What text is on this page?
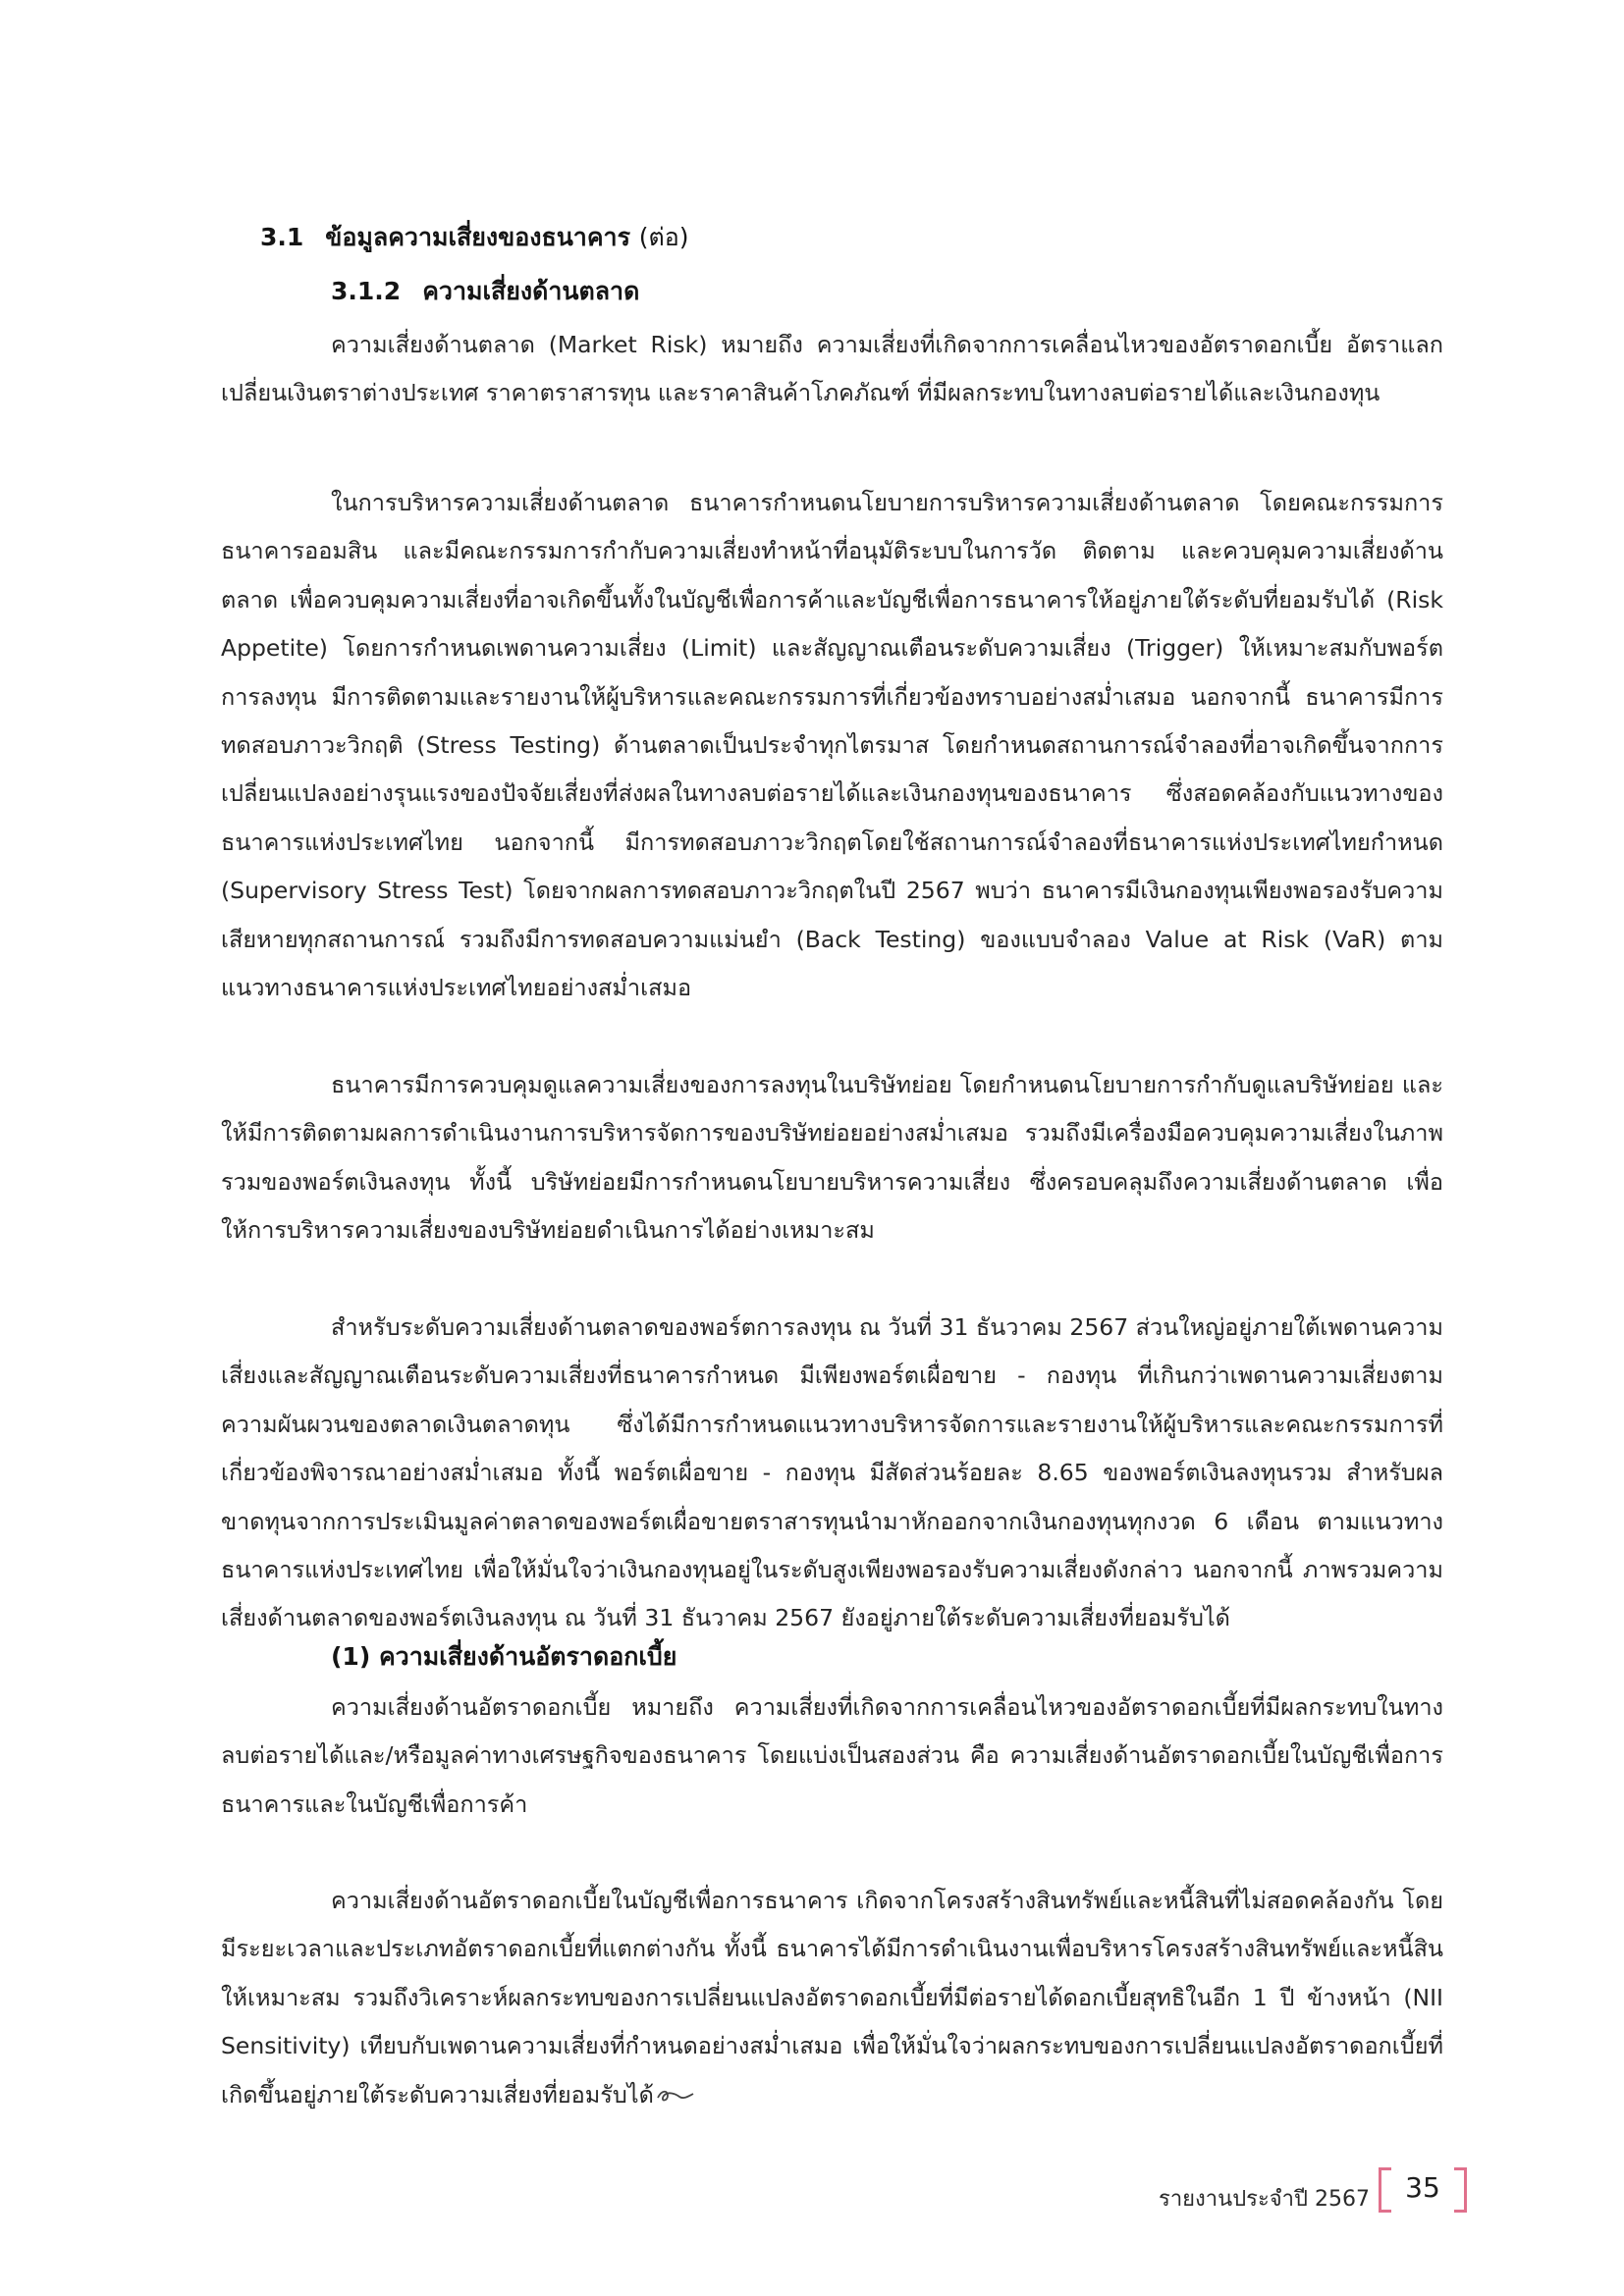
3.1 ข้อมูลความเสี่ยงของธนาคาร (ต่อ)
3.1.2 ความเสี่ยงด้านตลาด

ความเสี่ยงด้านตลาด (Market Risk) หมายถึง ความเสี่ยงที่เกิดจากการเคลื่อนไหวของอัตราดอกเบี้ย อัตราแลกเปลี่ยนเงินตราต่างประเทศ ราคาตราสารทุน และราคาสินค้าโภคภัณฑ์ ที่มีผลกระทบในทางลบต่อรายได้และเงินกองทุน

ในการบริหารความเสี่ยงด้านตลาด ธนาคารกำหนดนโยบายการบริหารความเสี่ยงด้านตลาด โดยคณะกรรมการธนาคารออมสิน และมีคณะกรรมการกำกับความเสี่ยงทำหน้าที่อนุมัติระบบในการวัด ติดตาม และควบคุมความเสี่ยงด้านตลาด เพื่อควบคุมความเสี่ยงที่อาจเกิดขึ้นทั้งในบัญชีเพื่อการค้าและบัญชีเพื่อการธนาคารให้อยู่ภายใต้ระดับที่ยอมรับได้ (Risk Appetite) โดยการกำหนดเพดานความเสี่ยง (Limit) และสัญญาณเตือนระดับความเสี่ยง (Trigger) ให้เหมาะสมกับพอร์ตการลงทุน มีการติดตามและรายงานให้ผู้บริหารและคณะกรรมการที่เกี่ยวข้องทราบอย่างสม่ำเสมอ นอกจากนี้ ธนาคารมีการทดสอบภาวะวิกฤติ (Stress Testing) ด้านตลาดเป็นประจำทุกไตรมาส โดยกำหนดสถานการณ์จำลองที่อาจเกิดขึ้นจากการเปลี่ยนแปลงอย่างรุนแรงของปัจจัยเสี่ยงที่ส่งผลในทางลบต่อรายได้และเงินกองทุนของธนาคาร ซึ่งสอดคล้องกับแนวทางของธนาคารแห่งประเทศไทย นอกจากนี้ มีการทดสอบภาวะวิกฤตโดยใช้สถานการณ์จำลองที่ธนาคารแห่งประเทศไทยกำหนด (Supervisory Stress Test) โดยจากผลการทดสอบภาวะวิกฤตในปี 2567 พบว่า ธนาคารมีเงินกองทุนเพียงพอรองรับความเสียหายทุกสถานการณ์ รวมถึงมีการทดสอบความแม่นยำ (Back Testing) ของแบบจำลอง Value at Risk (VaR) ตามแนวทางธนาคารแห่งประเทศไทยอย่างสม่ำเสมอ

ธนาคารมีการควบคุมดูแลความเสี่ยงของการลงทุนในบริษัทย่อย โดยกำหนดนโยบายการกำกับดูแลบริษัทย่อย และให้มีการติดตามผลการดำเนินงานการบริหารจัดการของบริษัทย่อยอย่างสม่ำเสมอ รวมถึงมีเครื่องมือควบคุมความเสี่ยงในภาพรวมของพอร์ตเงินลงทุน ทั้งนี้ บริษัทย่อยมีการกำหนดนโยบายบริหารความเสี่ยง ซึ่งครอบคลุมถึงความเสี่ยงด้านตลาด เพื่อให้การบริหารความเสี่ยงของบริษัทย่อยดำเนินการได้อย่างเหมาะสม

สำหรับระดับความเสี่ยงด้านตลาดของพอร์ตการลงทุน ณ วันที่ 31 ธันวาคม 2567 ส่วนใหญ่อยู่ภายใต้เพดานความเสี่ยงและสัญญาณเตือนระดับความเสี่ยงที่ธนาคารกำหนด มีเพียงพอร์ตเผื่อขาย - กองทุน ที่เกินกว่าเพดานความเสี่ยงตามความผันผวนของตลาดเงินตลาดทุน ซึ่งได้มีการกำหนดแนวทางบริหารจัดการและรายงานให้ผู้บริหารและคณะกรรมการที่เกี่ยวข้องพิจารณาอย่างสม่ำเสมอ ทั้งนี้ พอร์ตเผื่อขาย - กองทุน มีสัดส่วนร้อยละ 8.65 ของพอร์ตเงินลงทุนรวม สำหรับผลขาดทุนจากการประเมินมูลค่าตลาดของพอร์ตเผื่อขายตราสารทุนนำมาหักออกจากเงินกองทุนทุกงวด 6 เดือน ตามแนวทางธนาคารแห่งประเทศไทย เพื่อให้มั่นใจว่าเงินกองทุนอยู่ในระดับสูงเพียงพอรองรับความเสี่ยงดังกล่าว นอกจากนี้ ภาพรวมความเสี่ยงด้านตลาดของพอร์ตเงินลงทุน ณ วันที่ 31 ธันวาคม 2567 ยังอยู่ภายใต้ระดับความเสี่ยงที่ยอมรับได้

(1) ความเสี่ยงด้านอัตราดอกเบี้ย

ความเสี่ยงด้านอัตราดอกเบี้ย หมายถึง ความเสี่ยงที่เกิดจากการเคลื่อนไหวของอัตราดอกเบี้ยที่มีผลกระทบในทางลบต่อรายได้และ/หรือมูลค่าทางเศรษฐกิจของธนาคาร โดยแบ่งเป็นสองส่วน คือ ความเสี่ยงด้านอัตราดอกเบี้ยในบัญชีเพื่อการธนาคารและในบัญชีเพื่อการค้า

ความเสี่ยงด้านอัตราดอกเบี้ยในบัญชีเพื่อการธนาคาร เกิดจากโครงสร้างสินทรัพย์และหนี้สินที่ไม่สอดคล้องกัน โดยมีระยะเวลาและประเภทอัตราดอกเบี้ยที่แตกต่างกัน ทั้งนี้ ธนาคารได้มีการดำเนินงานเพื่อบริหารโครงสร้างสินทรัพย์และหนี้สินให้เหมาะสม รวมถึงวิเคราะห์ผลกระทบของการเปลี่ยนแปลงอัตราดอกเบี้ยที่มีต่อรายได้ดอกเบี้ยสุทธิในอีก 1 ปี ข้างหน้า (NII Sensitivity) เทียบกับเพดานความเสี่ยงที่กำหนดอย่างสม่ำเสมอ เพื่อให้มั่นใจว่าผลกระทบของการเปลี่ยนแปลงอัตราดอกเบี้ยที่เกิดขึ้นอยู่ภายใต้ระดับความเสี่ยงที่ยอมรับได้

รายงานประจำปี 2567	35
